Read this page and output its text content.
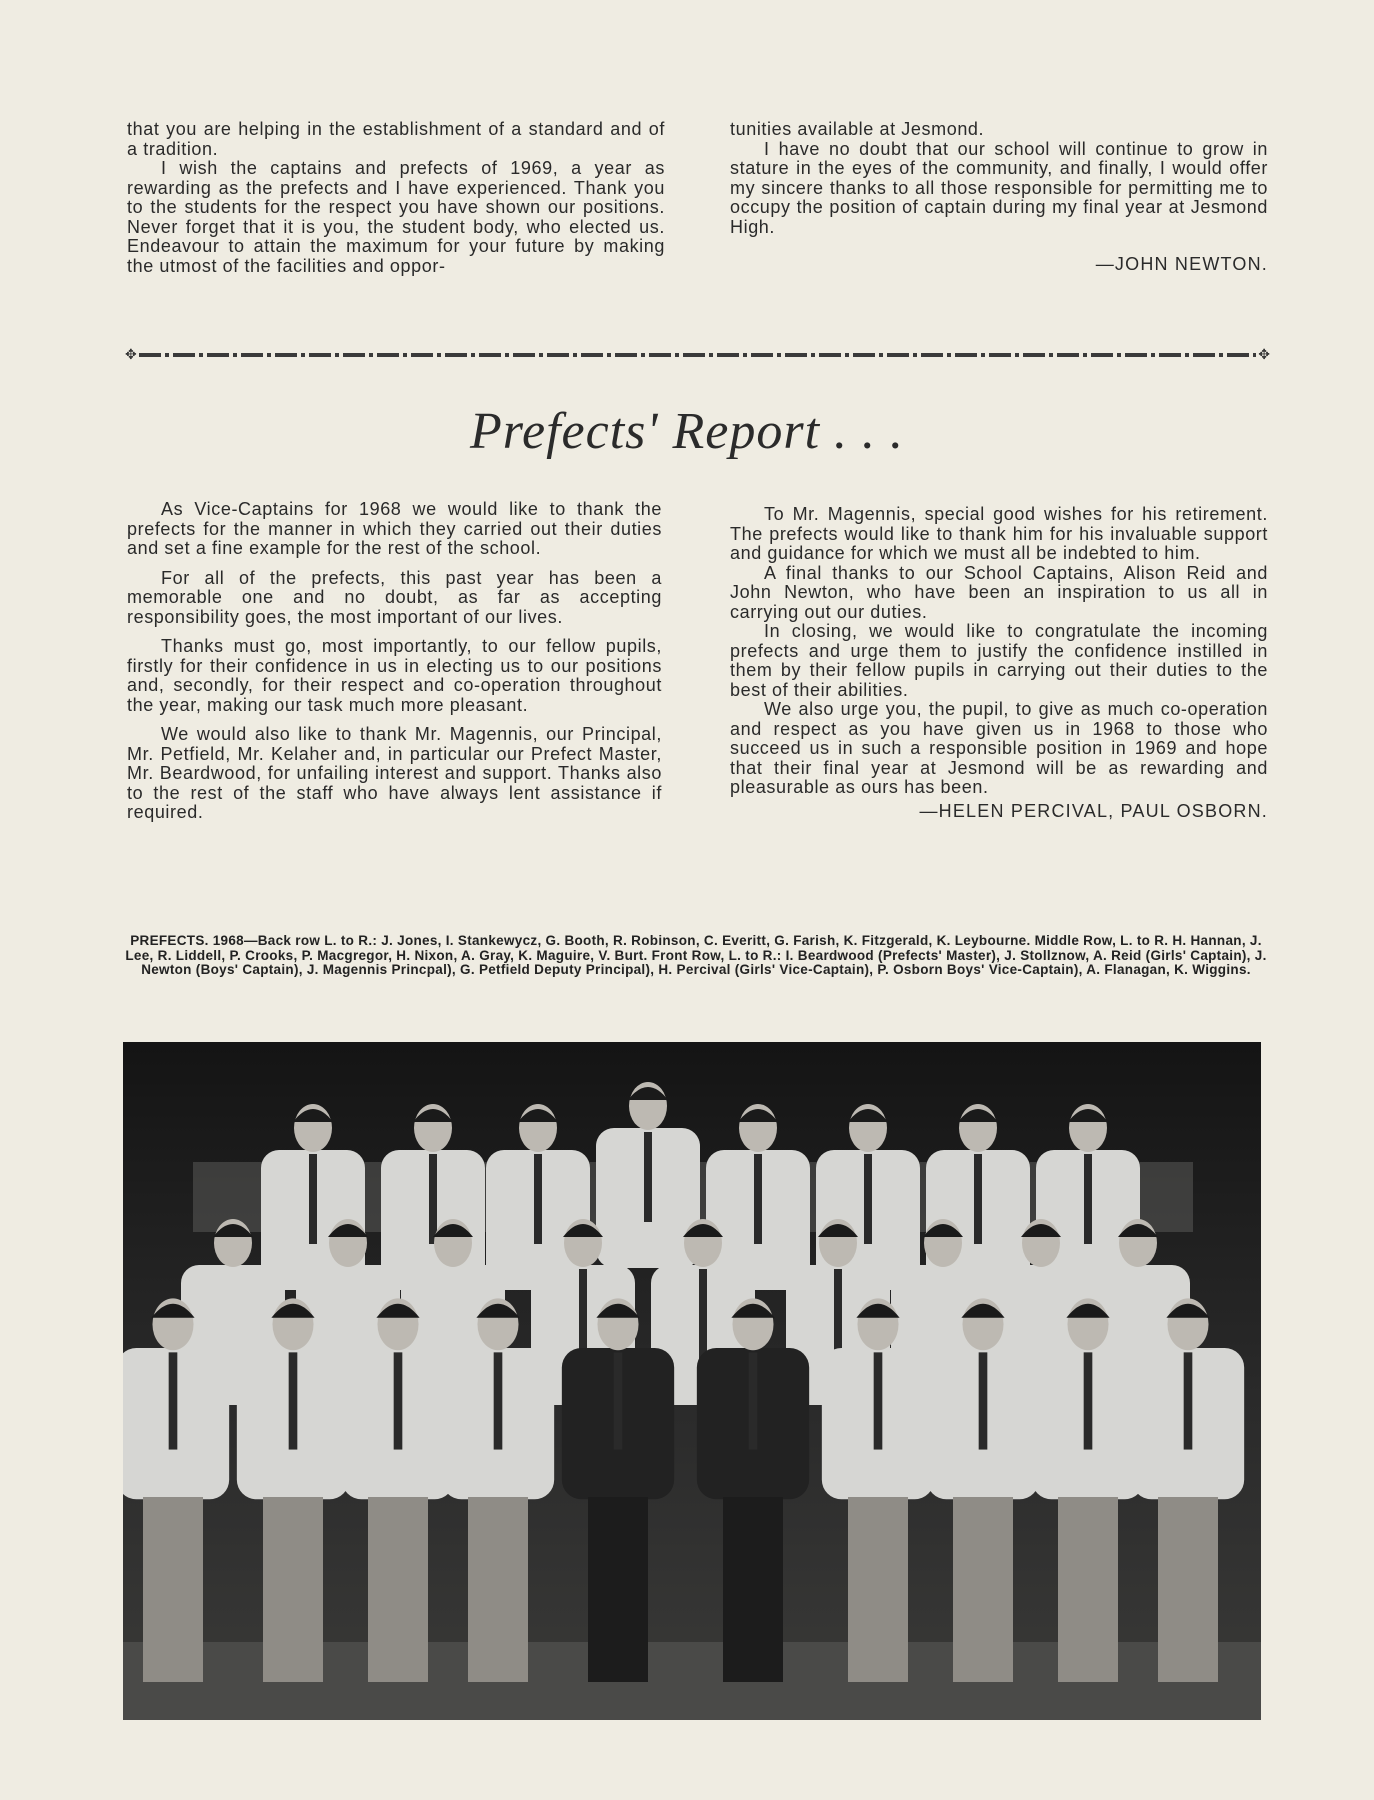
that you are helping in the establishment of a standard and of a tradition.

I wish the captains and prefects of 1969, a year as rewarding as the prefects and I have experienced. Thank you to the students for the respect you have shown our positions. Never forget that it is you, the student body, who elected us. Endeavour to attain the maximum for your future by making the utmost of the facilities and oppor-

tunities available at Jesmond.

I have no doubt that our school will continue to grow in stature in the eyes of the community, and finally, I would offer my sincere thanks to all those responsible for permitting me to occupy the position of captain during my final year at Jesmond High.

—JOHN NEWTON.

✥	✥
Prefects' Report . . .

As Vice-Captains for 1968 we would like to thank the prefects for the manner in which they carried out their duties and set a fine example for the rest of the school.

For all of the prefects, this past year has been a memorable one and no doubt, as far as accepting responsibility goes, the most important of our lives.

Thanks must go, most importantly, to our fellow pupils, firstly for their confidence in us in electing us to our positions and, secondly, for their respect and co-operation throughout the year, making our task much more pleasant.

We would also like to thank Mr. Magennis, our Principal, Mr. Petfield, Mr. Kelaher and, in particular our Prefect Master, Mr. Beardwood, for unfailing interest and support. Thanks also to the rest of the staff who have always lent assistance if required.

To Mr. Magennis, special good wishes for his retirement. The prefects would like to thank him for his invaluable support and guidance for which we must all be indebted to him.

A final thanks to our School Captains, Alison Reid and John Newton, who have been an inspiration to us all in carrying out our duties.

In closing, we would like to congratulate the incoming prefects and urge them to justify the confidence instilled in them by their fellow pupils in carrying out their duties to the best of their abilities.

We also urge you, the pupil, to give as much co-operation and respect as you have given us in 1968 to those who succeed us in such a responsible position in 1969 and hope that their final year at Jesmond will be as rewarding and pleasurable as ours has been.

—HELEN PERCIVAL, PAUL OSBORN.

PREFECTS. 1968—Back row L. to R.: J. Jones, I. Stankewycz, G. Booth, R. Robinson, C. Everitt, G. Farish, K. Fitzgerald, K. Leybourne. Middle Row, L. to R. H. Hannan, J. Lee, R. Liddell, P. Crooks, P. Macgregor, H. Nixon, A. Gray, K. Maguire, V. Burt. Front Row, L. to R.: I. Beardwood (Prefects' Master), J. Stollznow, A. Reid (Girls' Captain), J. Newton (Boys' Captain), J. Magennis Princpal), G. Petfield Deputy Principal), H. Percival (Girls' Vice-Captain), P. Osborn Boys' Vice-Captain), A. Flanagan, K. Wiggins.
